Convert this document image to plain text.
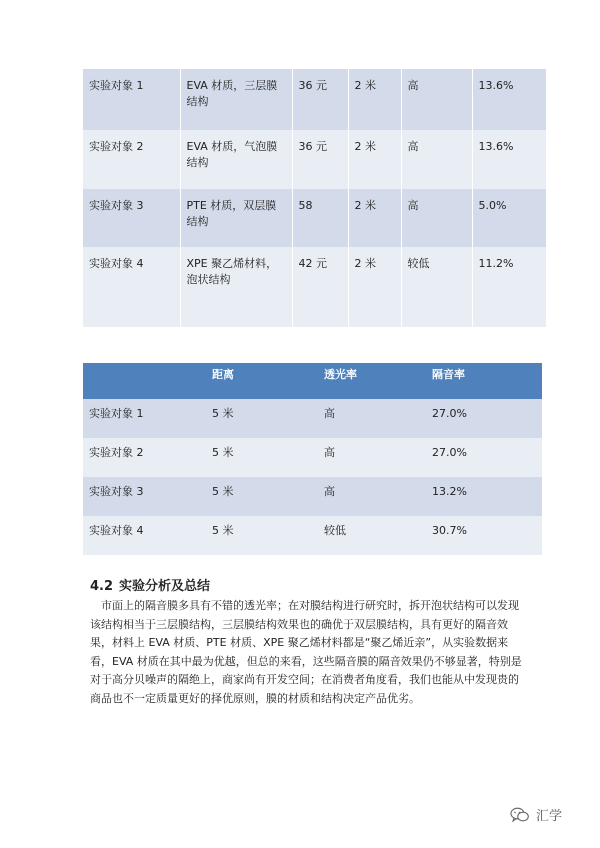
实验对象 1	EVA 材质，三层膜结构	36 元	2 米	高	13.6%
实验对象 2	EVA 材质，气泡膜结构	36 元	2 米	高	13.6%
实验对象 3	PTE 材质，双层膜结构	58	2 米	高	5.0%
实验对象 4	XPE 聚乙烯材料，泡状结构	42 元	2 米	较低	11.2%
	距离	透光率	隔音率
实验对象 1	5 米	高	27.0%
实验对象 2	5 米	高	27.0%
实验对象 3	5 米	高	13.2%
实验对象 4	5 米	较低	30.7%
4.2 实验分析及总结
市面上的隔音膜多具有不错的透光率；在对膜结构进行研究时，拆开泡状结构可以发现该结构相当于三层膜结构，三层膜结构效果也的确优于双层膜结构，具有更好的隔音效果，材料上 EVA 材质、PTE 材质、XPE 聚乙烯材料都是“聚乙烯近亲”，从实验数据来看，EVA 材质在其中最为优越，但总的来看，这些隔音膜的隔音效果仍不够显著，特别是对于高分贝噪声的隔绝上，商家尚有开发空间；在消费者角度看，我们也能从中发现贵的商品也不一定质量更好的择优原则，膜的材质和结构决定产品优劣。
汇学
